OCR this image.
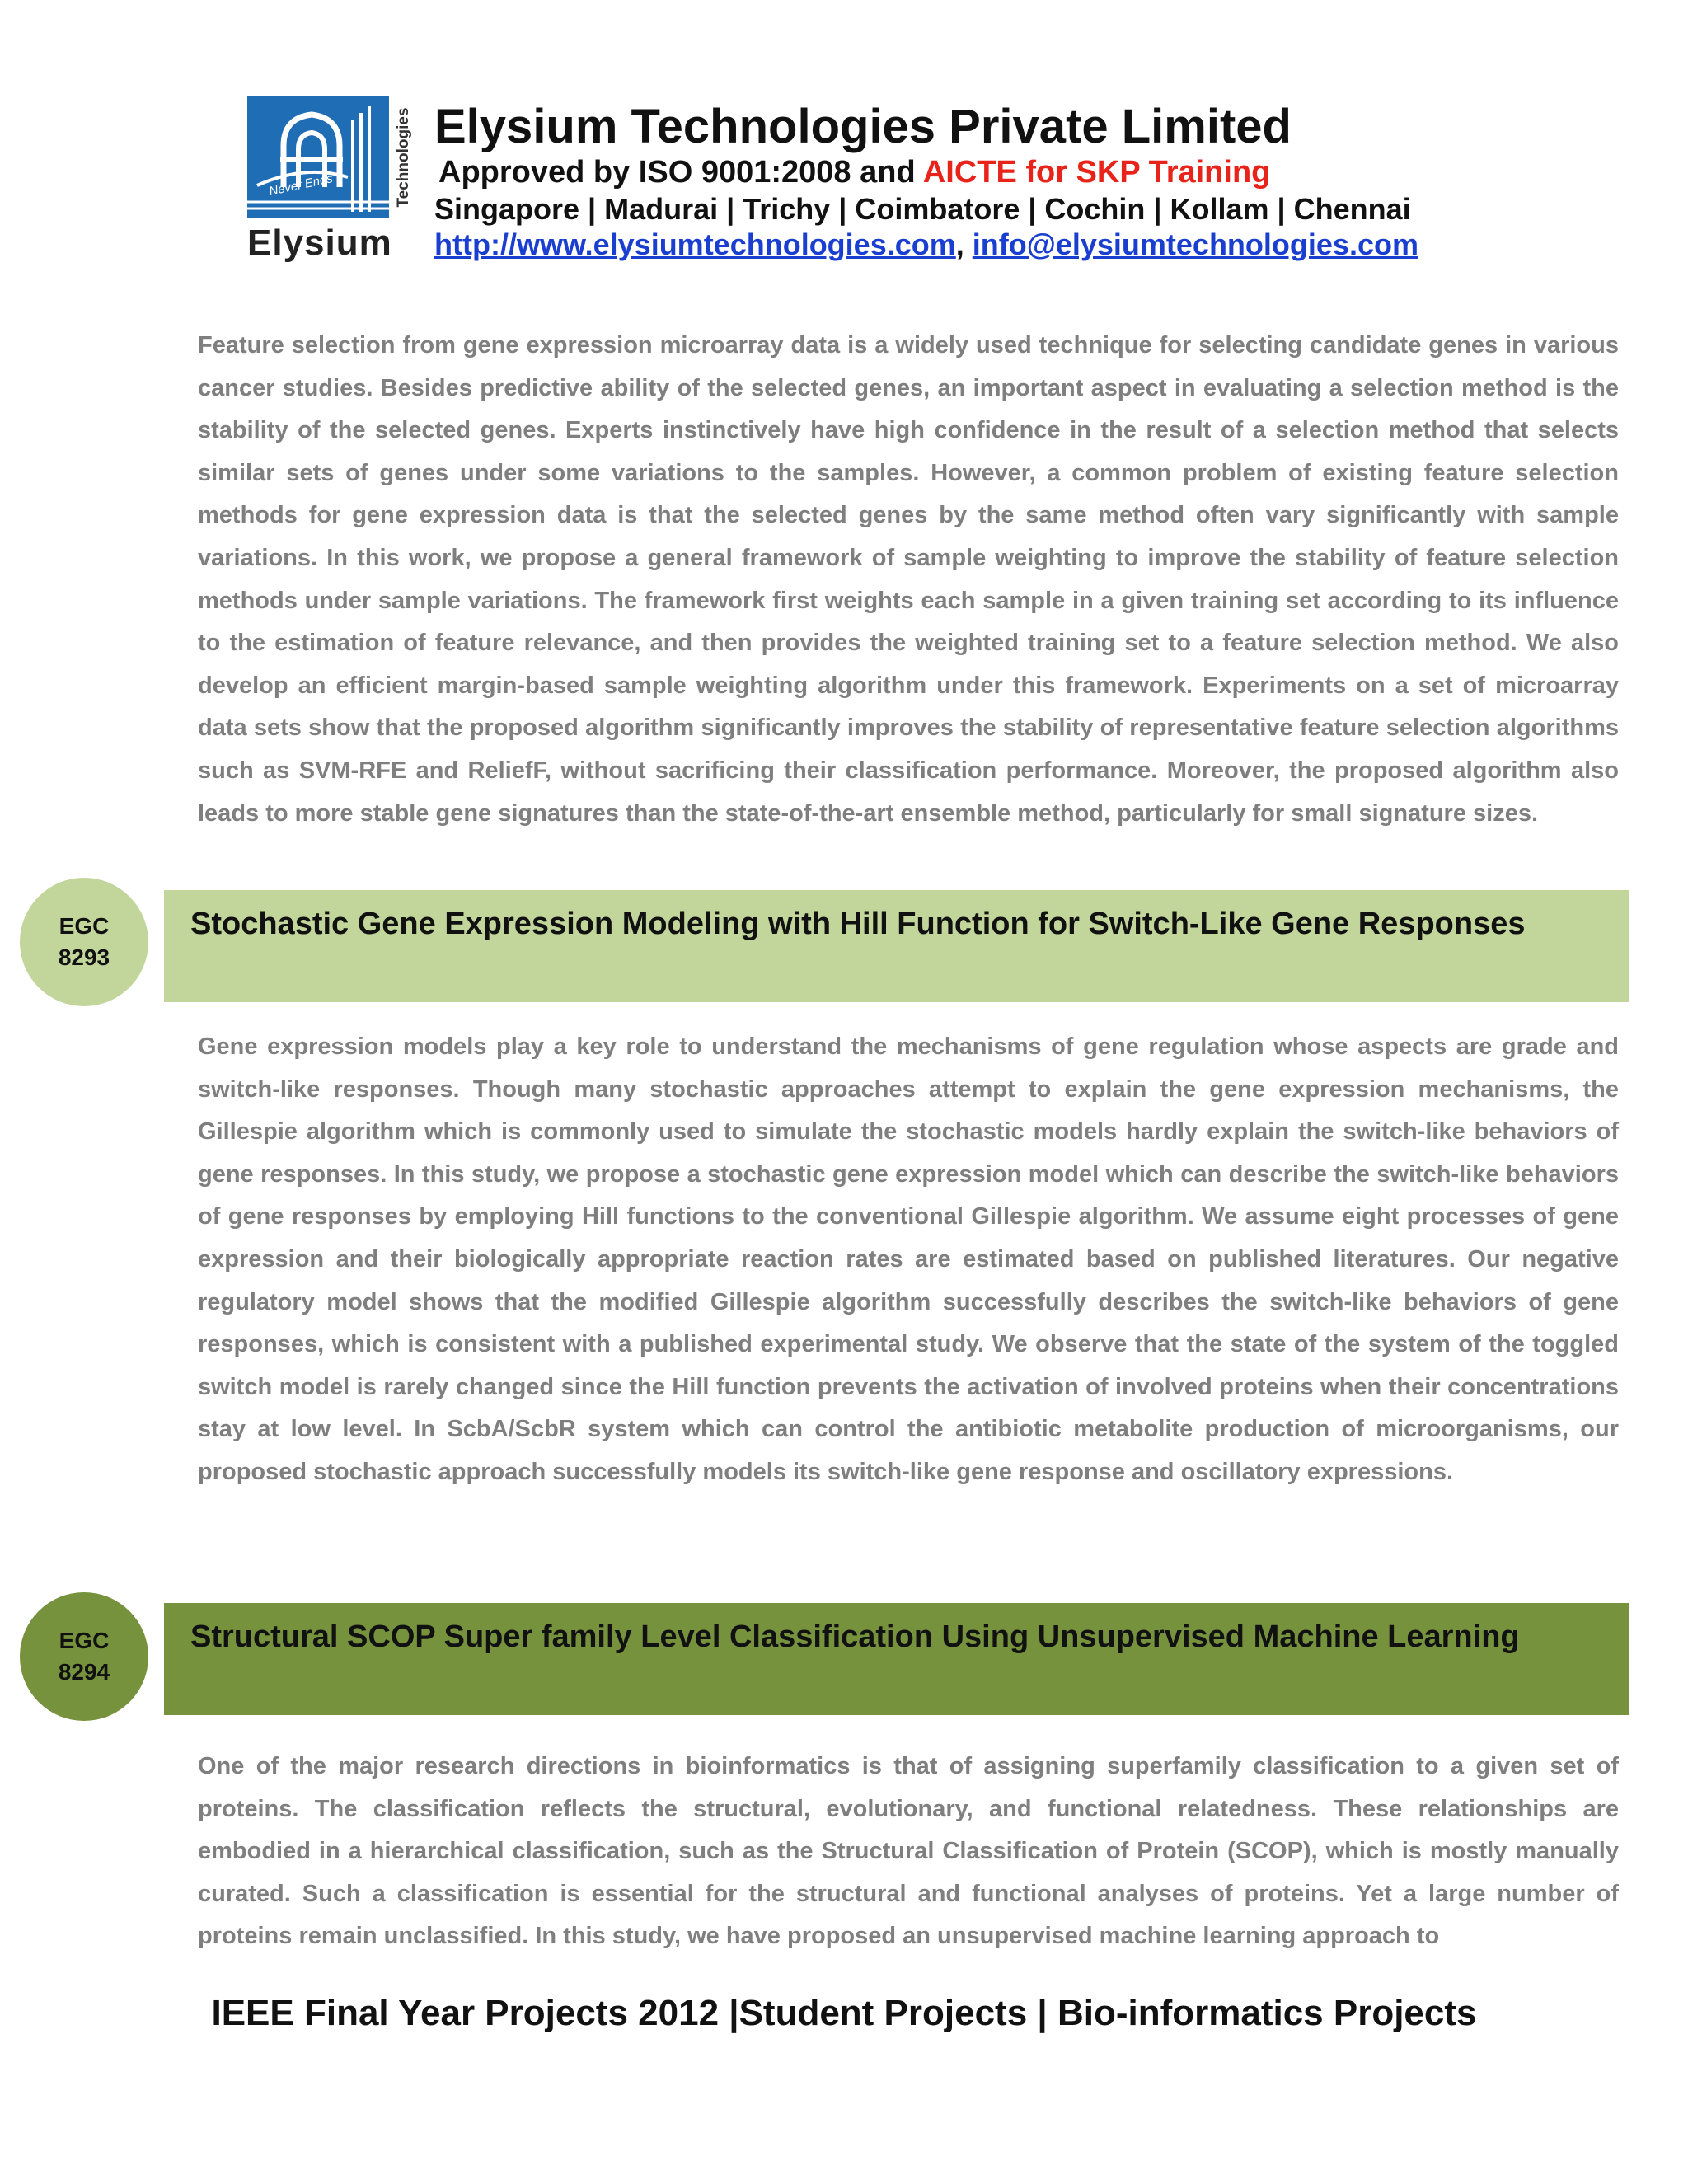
Never Ends	Technologies
Elysium
Elysium Technologies Private Limited
Approved by ISO 9001:2008 and AICTE for SKP Training
Singapore | Madurai | Trichy | Coimbatore | Cochin | Kollam | Chennai
http://www.elysiumtechnologies.com, info@elysiumtechnologies.com

Feature selection from gene expression microarray data is a widely used technique for selecting candidate genes in various cancer studies. Besides predictive ability of the selected genes, an important aspect in evaluating a selection method is the stability of the selected genes. Experts instinctively have high confidence in the result of a selection method that selects similar sets of genes under some variations to the samples. However, a common problem of existing feature selection methods for gene expression data is that the selected genes by the same method often vary significantly with sample variations. In this work, we propose a general framework of sample weighting to improve the stability of feature selection methods under sample variations. The framework first weights each sample in a given training set according to its influence to the estimation of feature relevance, and then provides the weighted training set to a feature selection method. We also develop an efficient margin-based sample weighting algorithm under this framework. Experiments on a set of microarray data sets show that the proposed algorithm significantly improves the stability of representative feature selection algorithms such as SVM-RFE and ReliefF, without sacrificing their classification performance. Moreover, the proposed algorithm also leads to more stable gene signatures than the state-of-the-art ensemble method, particularly for small signature sizes.

Stochastic Gene Expression Modeling with Hill Function for Switch-Like Gene Responses
EGC
8293

Gene expression models play a key role to understand the mechanisms of gene regulation whose aspects are grade and switch-like responses. Though many stochastic approaches attempt to explain the gene expression mechanisms, the Gillespie algorithm which is commonly used to simulate the stochastic models hardly explain the switch-like behaviors of gene responses. In this study, we propose a stochastic gene expression model which can describe the switch-like behaviors of gene responses by employing Hill functions to the conventional Gillespie algorithm. We assume eight processes of gene expression and their biologically appropriate reaction rates are estimated based on published literatures. Our negative regulatory model shows that the modified Gillespie algorithm successfully describes the switch-like behaviors of gene responses, which is consistent with a published experimental study. We observe that the state of the system of the toggled switch model is rarely changed since the Hill function prevents the activation of involved proteins when their concentrations stay at low level. In ScbA/ScbR system which can control the antibiotic metabolite production of microorganisms, our proposed stochastic approach successfully models its switch-like gene response and oscillatory expressions.

Structural SCOP Super family Level Classification Using Unsupervised Machine Learning
EGC
8294

One of the major research directions in bioinformatics is that of assigning superfamily classification to a given set of proteins. The classification reflects the structural, evolutionary, and functional relatedness. These relationships are embodied in a hierarchical classification, such as the Structural Classification of Protein (SCOP), which is mostly manually curated. Such a classification is essential for the structural and functional analyses of proteins. Yet a large number of proteins remain unclassified. In this study, we have proposed an unsupervised machine learning approach to

IEEE Final Year Projects 2012 |Student Projects | Bio-informatics Projects
